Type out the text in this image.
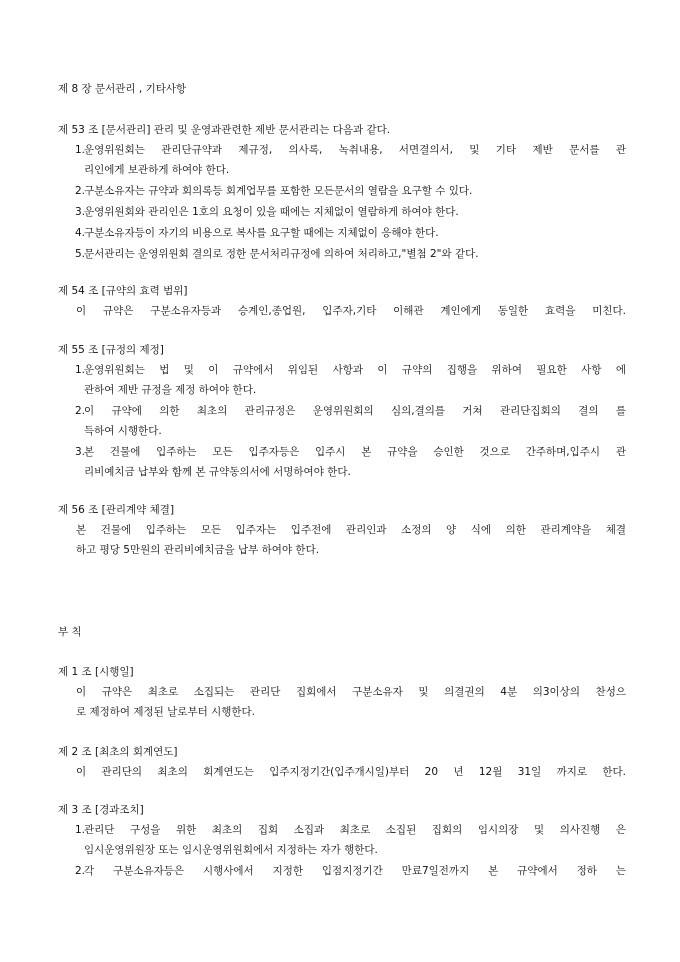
제 8 장 문서관리 , 기타사항

제 53 조 [문서관리] 관리 및 운영과관련한 제반 문서관리는 다음과 같다.

1.
운영위원회는 관리단규약과 제규정, 의사록, 녹취내용, 서면결의서, 및 기타 제반 문서를 관
리인에게 보관하게 하여야 한다.
2.
구분소유자는 규약과 회의록등 회계업무를 포함한 모든문서의 열람을 요구할 수 있다.
3.
운영위원회와 관리인은 1호의 요청이 있을 때에는 지체없이 열람하게 하여야 한다.
4.
구분소유자등이 자기의 비용으로 복사를 요구할 때에는 지체없이 응해야 한다.
5.
문서관리는 운영위원회 결의로 정한 문서처리규정에 의하여 처리하고,"별첨 2"와 같다.

제 54 조 [규약의 효력 범위]

이 규약은 구분소유자등과 승계인,종업원, 입주자,기타 이해관 계인에게 동일한 효력을 미친다.

제 55 조 [규정의 제정]

1.
운영위원회는 법 및 이 규약에서 위임된 사항과 이 규약의 집행을 위하여 필요한 사항 에
관하여 제반 규정을 제정 하여야 한다.
2.
이 규약에 의한 최초의 관리규정은 운영위원회의 심의,결의를 거쳐 관리단집회의 결의 를
득하여 시행한다.
3.
본 건물에 입주하는 모든 입주자등은 입주시 본 규약을 승인한 것으로 간주하며,입주시 관
리비예치금 납부와 함께 본 규약동의서에 서명하여야 한다.

제 56 조 [관리계약 체결]

본 건물에 입주하는 모든 입주자는 입주전에 관리인과 소정의 양 식에 의한 관리계약을 체결

하고 평당 5만원의 관리비예치금을 납부 하여야 한다.

부 칙

제 1 조 [시행일]

이 규약은 최초로 소집되는 관리단 집회에서 구분소유자 및 의결권의 4분 의3이상의 찬성으

로 제정하여 제정된 날로부터 시행한다.

제 2 조 [최초의 회계연도]

이 관리단의 최초의 회계연도는 입주지정기간(입주개시일)부터 20 년 12월 31일 까지로 한다.

제 3 조 [경과조치]

1.
관리단 구성을 위한 최초의 집회 소집과 최초로 소집된 집회의 임시의장 및 의사진행 은
임시운영위원장 또는 임시운영위원회에서 지정하는 자가 행한다.
2.
각 구분소유자등은 시행사에서 지정한 입점지정기간 만료7일전까지 본 규약에서 정하 는
